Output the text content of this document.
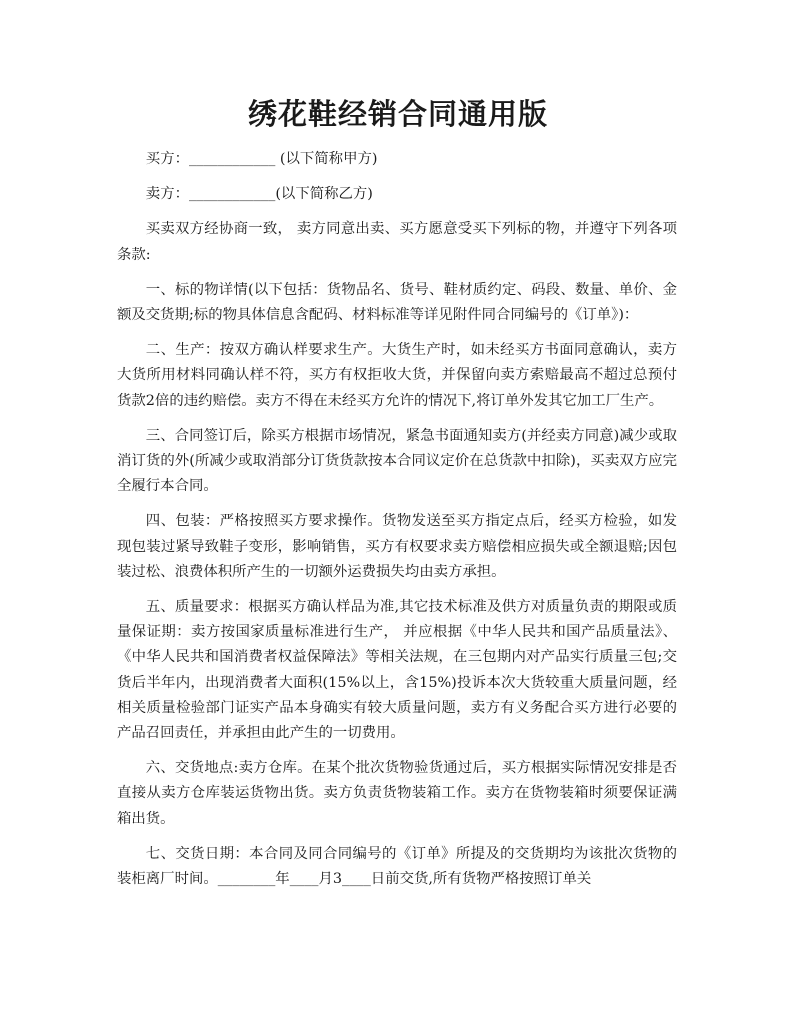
绣花鞋经销合同通用版

买方：____________ (以下简称甲方)

卖方：____________(以下简称乙方)

买卖双方经协商一致， 卖方同意出卖、买方愿意受买下列标的物，并遵守下列各项条款:

一、标的物详情(以下包括：货物品名、货号、鞋材质约定、码段、数量、单价、金额及交货期;标的物具体信息含配码、材料标准等详见附件同合同编号的《订单》)：

二、生产：按双方确认样要求生产。大货生产时，如未经买方书面同意确认，卖方大货所用材料同确认样不符，买方有权拒收大货，并保留向卖方索赔最高不超过总预付货款2倍的违约赔偿。卖方不得在未经买方允许的情况下,将订单外发其它加工厂生产。

三、合同签订后，除买方根据市场情况，紧急书面通知卖方(并经卖方同意)减少或取消订货的外(所减少或取消部分订货货款按本合同议定价在总货款中扣除)，买卖双方应完全履行本合同。

四、包装：严格按照买方要求操作。货物发送至买方指定点后，经买方检验，如发现包装过紧导致鞋子变形，影响销售，买方有权要求卖方赔偿相应损失或全额退赔;因包装过松、浪费体积所产生的一切额外运费损失均由卖方承担。

五、质量要求：根据买方确认样品为准,其它技术标准及供方对质量负责的期限或质量保证期：卖方按国家质量标准进行生产， 并应根据《中华人民共和国产品质量法》、《中华人民共和国消费者权益保障法》等相关法规，在三包期内对产品实行质量三包;交货后半年内，出现消费者大面积(15%以上，含15%)投诉本次大货较重大质量问题，经相关质量检验部门证实产品本身确实有较大质量问题，卖方有义务配合买方进行必要的产品召回责任，并承担由此产生的一切费用。

六、交货地点:卖方仓库。在某个批次货物验货通过后，买方根据实际情况安排是否直接从卖方仓库装运货物出货。卖方负责货物装箱工作。卖方在货物装箱时须要保证满箱出货。

七、交货日期：本合同及同合同编号的《订单》所提及的交货期均为该批次货物的装柜离厂时间。________年____月3____日前交货,所有货物严格按照订单关
